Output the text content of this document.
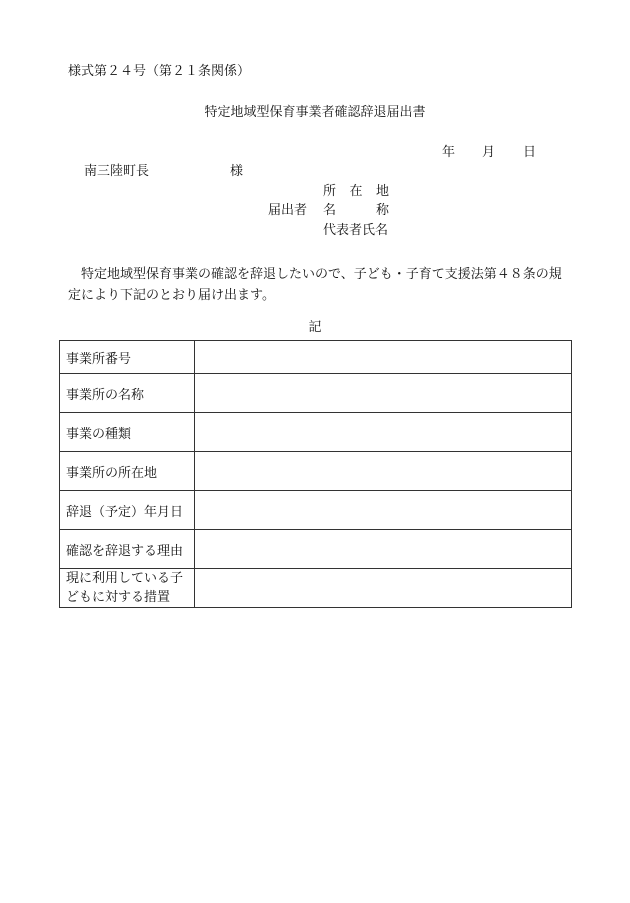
様式第２４号（第２１条関係）
特定地域型保育事業者確認辞退届出書
年 月 日
南三陸町長	様
届出者
所 在 地
名	称
代表者氏名
特定地域型保育事業の確認を辞退したいので、子ども・子育て支援法第４８条の規定により下記のとおり届け出ます。
記
事業所番号	
事業所の名称	
事業の種類	
事業所の所在地	
辞退（予定）年月日	
確認を辞退する理由	
現に利用している子どもに対する措置	
